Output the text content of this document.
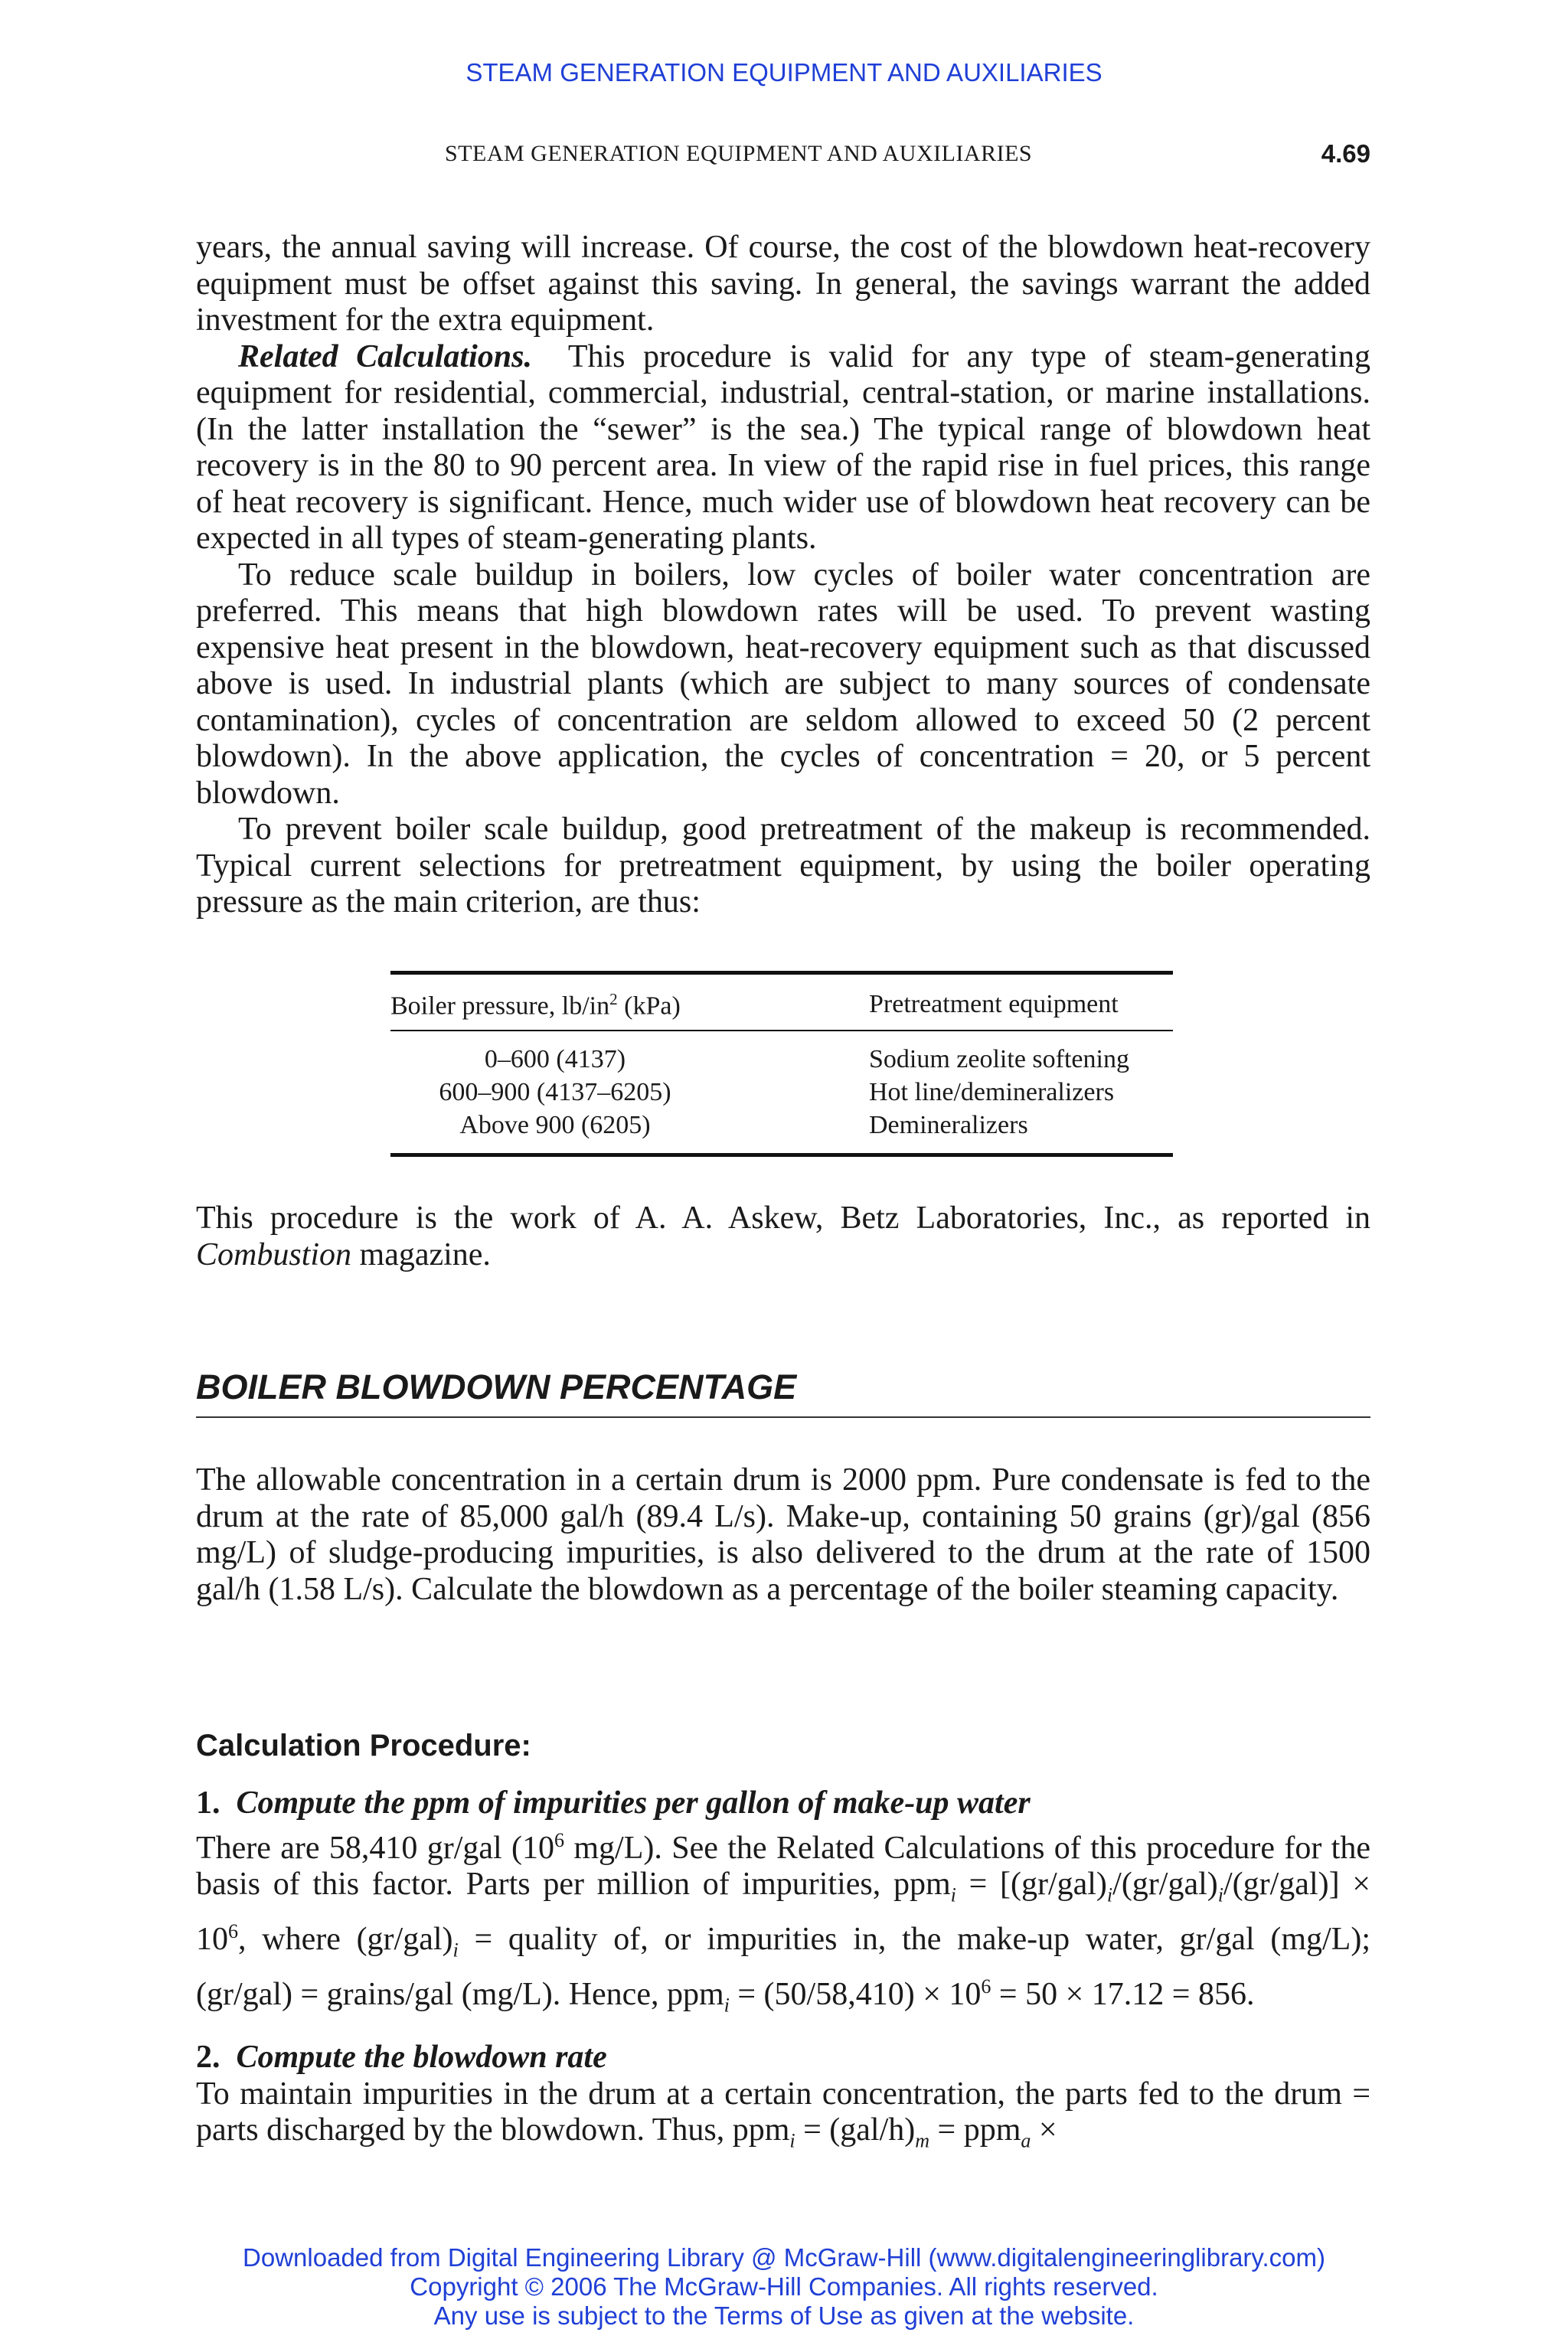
STEAM GENERATION EQUIPMENT AND AUXILIARIES
STEAM GENERATION EQUIPMENT AND AUXILIARIES	4.69

years, the annual saving will increase. Of course, the cost of the blowdown heat-recovery equipment must be offset against this saving. In general, the savings warrant the added investment for the extra equipment.

Related Calculations. This procedure is valid for any type of steam-generating equipment for residential, commercial, industrial, central-station, or marine installations. (In the latter installation the “sewer” is the sea.) The typical range of blowdown heat recovery is in the 80 to 90 percent area. In view of the rapid rise in fuel prices, this range of heat recovery is significant. Hence, much wider use of blowdown heat recovery can be expected in all types of steam-generating plants.

To reduce scale buildup in boilers, low cycles of boiler water concentration are preferred. This means that high blowdown rates will be used. To prevent wasting expensive heat present in the blowdown, heat-recovery equipment such as that discussed above is used. In industrial plants (which are subject to many sources of condensate contamination), cycles of concentration are seldom allowed to exceed 50 (2 percent blowdown). In the above application, the cycles of concentration = 20, or 5 percent blowdown.

To prevent boiler scale buildup, good pretreatment of the makeup is recommended. Typical current selections for pretreatment equipment, by using the boiler operating pressure as the main criterion, are thus:

Boiler pressure, $lb/in^2$ (kPa)	Pretreatment equipment
0–600 (4137)	Sodium zeolite softening
600–900 (4137–6205)	Hot line/demineralizers
Above 900 (6205)	Demineralizers

This procedure is the work of A. A. Askew, Betz Laboratories, Inc., as reported in Combustion magazine.

BOILER BLOWDOWN PERCENTAGE

The allowable concentration in a certain drum is 2000 ppm. Pure condensate is fed to the drum at the rate of 85,000 gal/h (89.4 L/s). Make-up, containing 50 grains (gr)/gal (856 mg/L) of sludge-producing impurities, is also delivered to the drum at the rate of 1500 gal/h (1.58 L/s). Calculate the blowdown as a percentage of the boiler steaming capacity.

Calculation Procedure:

1. Compute the ppm of impurities per gallon of make-up water

There are 58,410 gr/gal ($10^6$ mg/L). See the Related Calculations of this procedure for the basis of this factor. Parts per million of impurities, $ppm_i = [(gr/gal)_i/(gr/gal)_i/(gr/gal)] \times 10^6$, where $(gr/gal)_i$ = quality of, or impurities in, the make-up water, gr/gal (mg/L); (gr/gal) = grains/gal (mg/L). Hence, $ppm_i = (50/58,410) \times 10^6 = 50 \times 17.12 = 856$.

2. Compute the blowdown rate

To maintain impurities in the drum at a certain concentration, the parts fed to the drum = parts discharged by the blowdown. Thus, $ppm_i = (gal/h)_m = ppm_a$ ×

Downloaded from Digital Engineering Library @ McGraw-Hill (www.digitalengineeringlibrary.com)
Copyright © 2006 The McGraw-Hill Companies. All rights reserved.
Any use is subject to the Terms of Use as given at the website.
